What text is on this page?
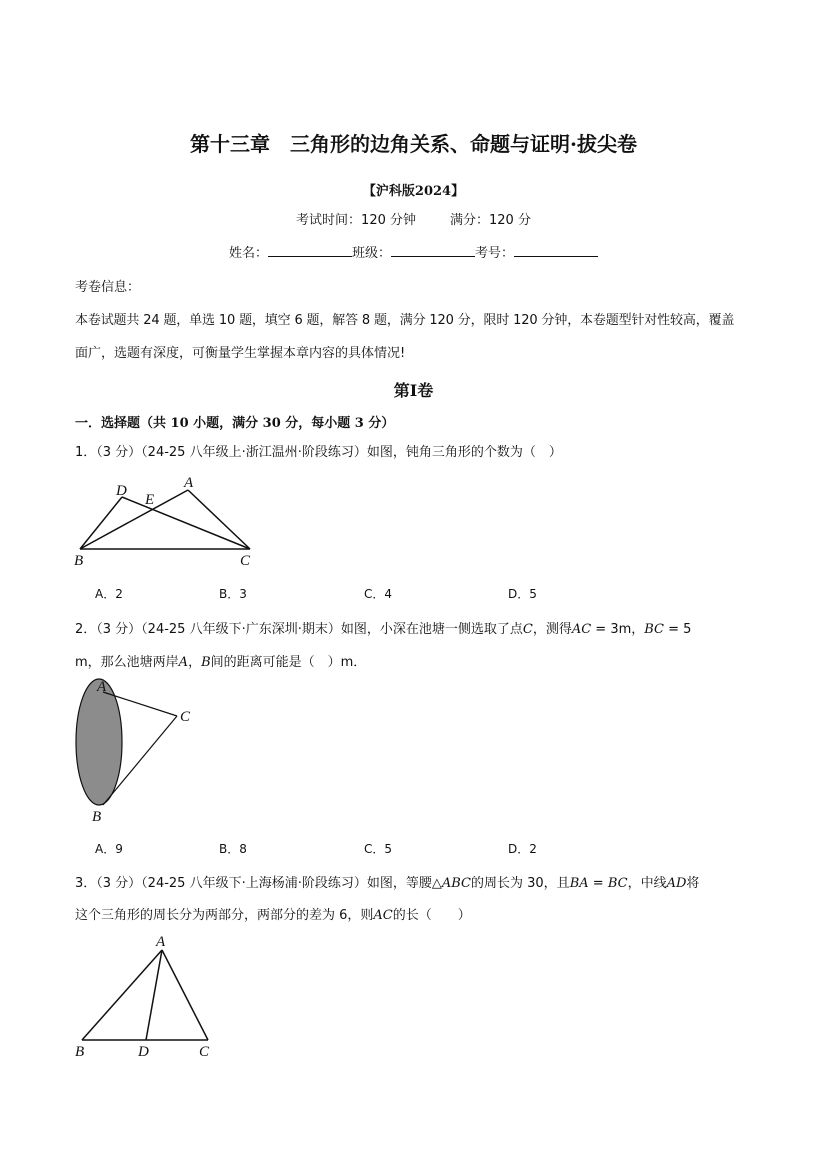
第十三章　三角形的边角关系、命题与证明·拔尖卷
【沪科版2024】
考试时间：120 分钟	满分：120 分
姓名：	班级：	考号：
考卷信息：
本卷试题共 24 题，单选 10 题，填空 6 题，解答 8 题，满分 120 分，限时 120 分钟，本卷题型针对性较高，覆盖
面广，选题有深度，可衡量学生掌握本章内容的具体情况!
第Ⅰ卷
一．选择题（共 10 小题，满分 30 分，每小题 3 分）
1．（3 分）（24-25 八年级上·浙江温州·阶段练习）如图，钝角三角形的个数为（　）
A．2	B．3	C．4	D．5
2．（3 分）（24-25 八年级下·广东深圳·期末）如图，小深在池塘一侧选取了点C，测得AC = 3m，BC = 5
m，那么池塘两岸A，B间的距离可能是（　）m．
A．9	B．8	C．5	D．2
3．（3 分）（24-25 八年级下·上海杨浦·阶段练习）如图，等腰△ABC的周长为 30，且BA = BC，中线AD将
这个三角形的周长分为两部分，两部分的差为 6，则AC的长（　　）
D
E
A
B	C
A
C
B
A
B	D	C
